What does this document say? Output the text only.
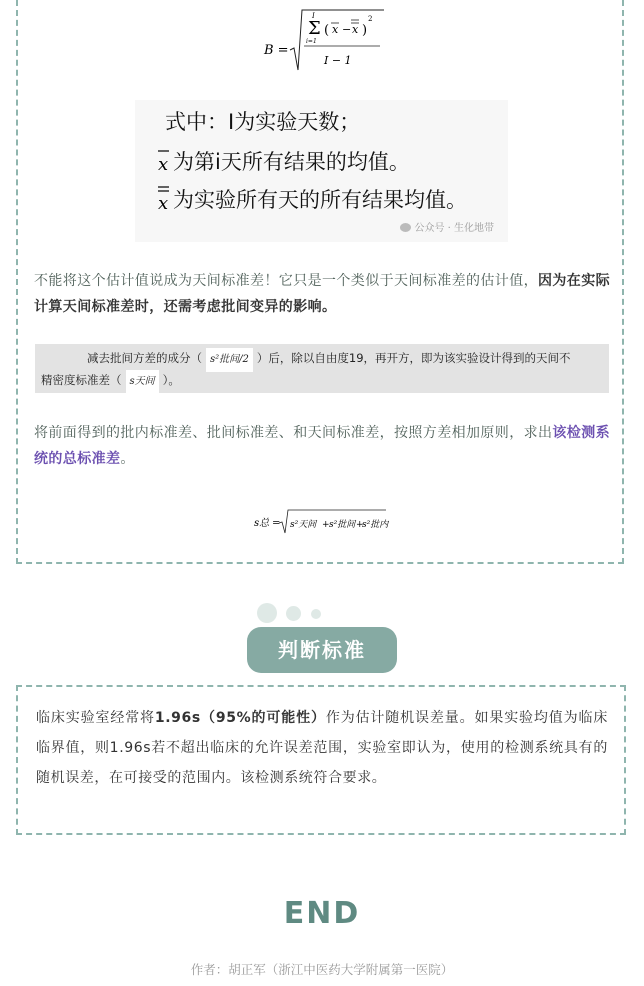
B =
Σ
I
i=1
( x − x )
2
I − 1
式中：I为实验天数；
x 为第i天所有结果的均值。
x 为实验所有天的所有结果均值。
公众号 · 生化地带
不能将这个估计值说成为天间标准差！它只是一个类似于天间标准差的估计值，因为在实际计算天间标准差时，还需考虑批间变异的影响。
减去批间方差的成分（ s²批间/2 ）后，除以自由度19，再开方，即为该实验设计得到的天间不
精密度标准差（ s天间 ）。
将前面得到的批内标准差、批间标准差、和天间标准差，按照方差相加原则，求出该检测系统的总标准差。
s总 = s²天间 + s²批间 +
s²批内
判断标准
临床实验室经常将1.96s（95%的可能性）作为估计随机误差量。如果实验均值为临床临界值，则1.96s若不超出临床的允许误差范围，实验室即认为，使用的检测系统具有的随机误差，在可接受的范围内。该检测系统符合要求。
END
作者：胡正军（浙江中医药大学附属第一医院）
